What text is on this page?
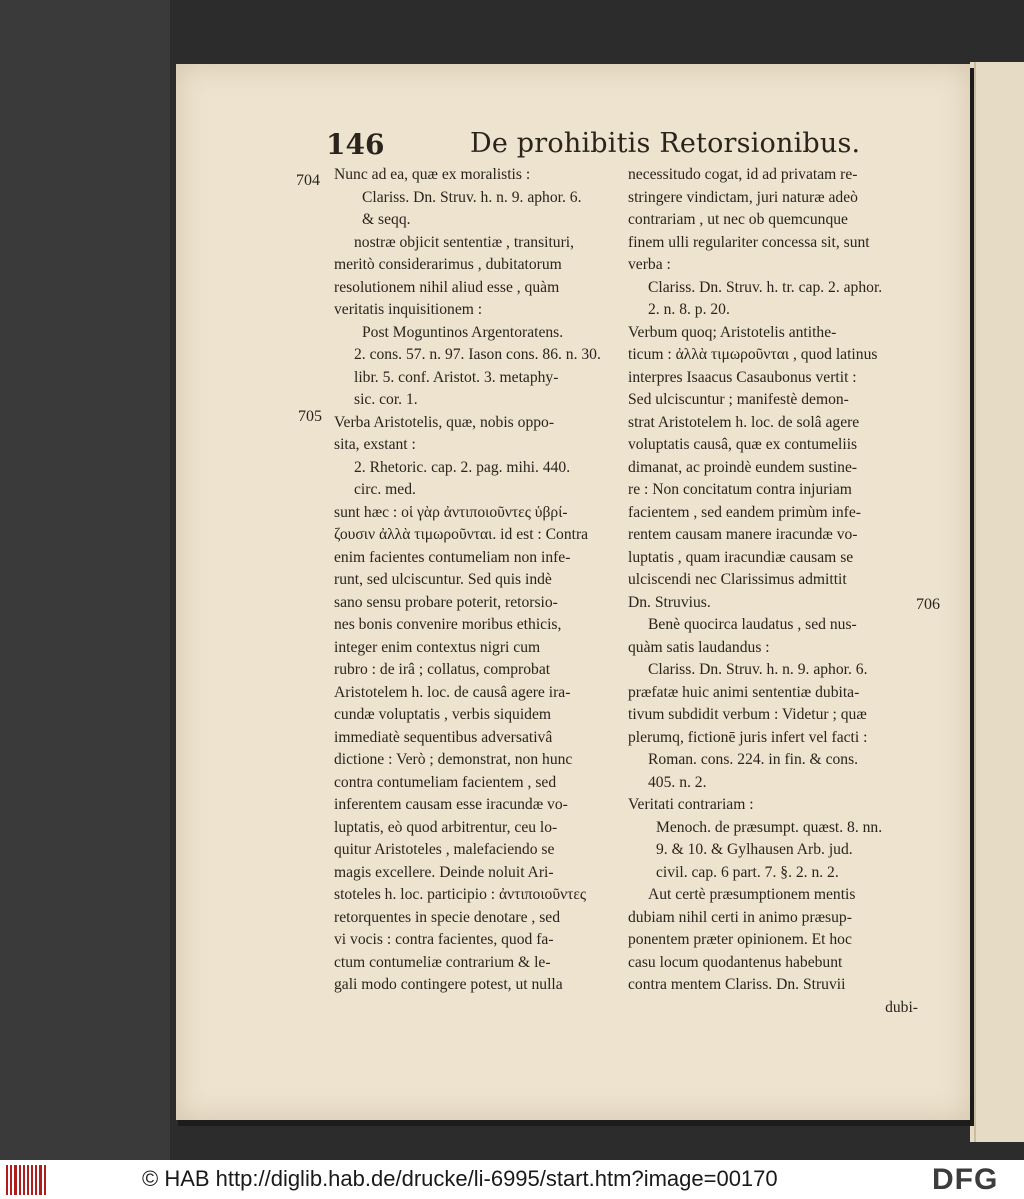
146	De prohibitis Retorsionibus.
704
705
706
Nunc ad ea, quæ ex moralistis :
Clariss. Dn. Struv. h. n. 9. aphor. 6.
& seqq.
nostræ objicit sententiæ , transituri,
meritò considerarimus , dubitatorum
resolutionem nihil aliud esse , quàm
veritatis inquisitionem :
Post Moguntinos Argentoratens.
2. cons. 57. n. 97. Iason cons. 86. n. 30.
libr. 5. conf. Aristot. 3. metaphy-
sic. cor. 1.
Verba Aristotelis, quæ, nobis oppo-
sita, exstant :
2. Rhetoric. cap. 2. pag. mihi. 440.
circ. med.
sunt hæc : οἱ γὰρ ἀντιποιοῦντες ὑβρί-
ζουσιν ἀλλὰ τιμωροῦνται. id est : Contra
enim facientes contumeliam non infe-
runt, sed ulciscuntur. Sed quis indè
sano sensu probare poterit, retorsio-
nes bonis convenire moribus ethicis,
integer enim contextus nigri cum
rubro : de irâ ; collatus, comprobat
Aristotelem h. loc. de causâ agere ira-
cundæ voluptatis , verbis siquidem
immediatè sequentibus adversativâ
dictione : Verò ; demonstrat, non hunc
contra contumeliam facientem , sed
inferentem causam esse iracundæ vo-
luptatis, eò quod arbitrentur, ceu lo-
quitur Aristoteles , malefaciendo se
magis excellere. Deinde noluit Ari-
stoteles h. loc. participio : ἀντιποιοῦντες
retorquentes in specie denotare , sed
vi vocis : contra facientes, quod fa-
ctum contumeliæ contrarium & le-
gali modo contingere potest, ut nulla
necessitudo cogat, id ad privatam re-
stringere vindictam, juri naturæ adeò
contrariam , ut nec ob quemcunque
finem ulli regulariter concessa sit, sunt
verba :
Clariss. Dn. Struv. h. tr. cap. 2. aphor.
2. n. 8. p. 20.
Verbum quoq; Aristotelis antithe-
ticum : ἀλλὰ τιμωροῦνται , quod latinus
interpres Isaacus Casaubonus vertit :
Sed ulciscuntur ; manifestè demon-
strat Aristotelem h. loc. de solâ agere
voluptatis causâ, quæ ex contumeliis
dimanat, ac proindè eundem sustine-
re : Non concitatum contra injuriam
facientem , sed eandem primùm infe-
rentem causam manere iracundæ vo-
luptatis , quam iracundiæ causam se
ulciscendi nec Clarissimus admittit
Dn. Struvius.
Benè quocirca laudatus , sed nus-
quàm satis laudandus :
Clariss. Dn. Struv. h. n. 9. aphor. 6.
præfatæ huic animi sententiæ dubita-
tivum subdidit verbum : Videtur ; quæ
plerumq, fictionē juris infert vel facti :
Roman. cons. 224. in fin. & cons.
405. n. 2.
Veritati contrariam :
Menoch. de præsumpt. quæst. 8. nn.
9. & 10. & Gylhausen Arb. jud.
civil. cap. 6 part. 7. §. 2. n. 2.
Aut certè præsumptionem mentis
dubiam nihil certi in animo præsup-
ponentem præter opinionem. Et hoc
casu locum quodantenus habebunt
contra mentem Clariss. Dn. Struvii
dubi-
© HAB http://diglib.hab.de/drucke/li-6995/start.htm?image=00170	DFG
